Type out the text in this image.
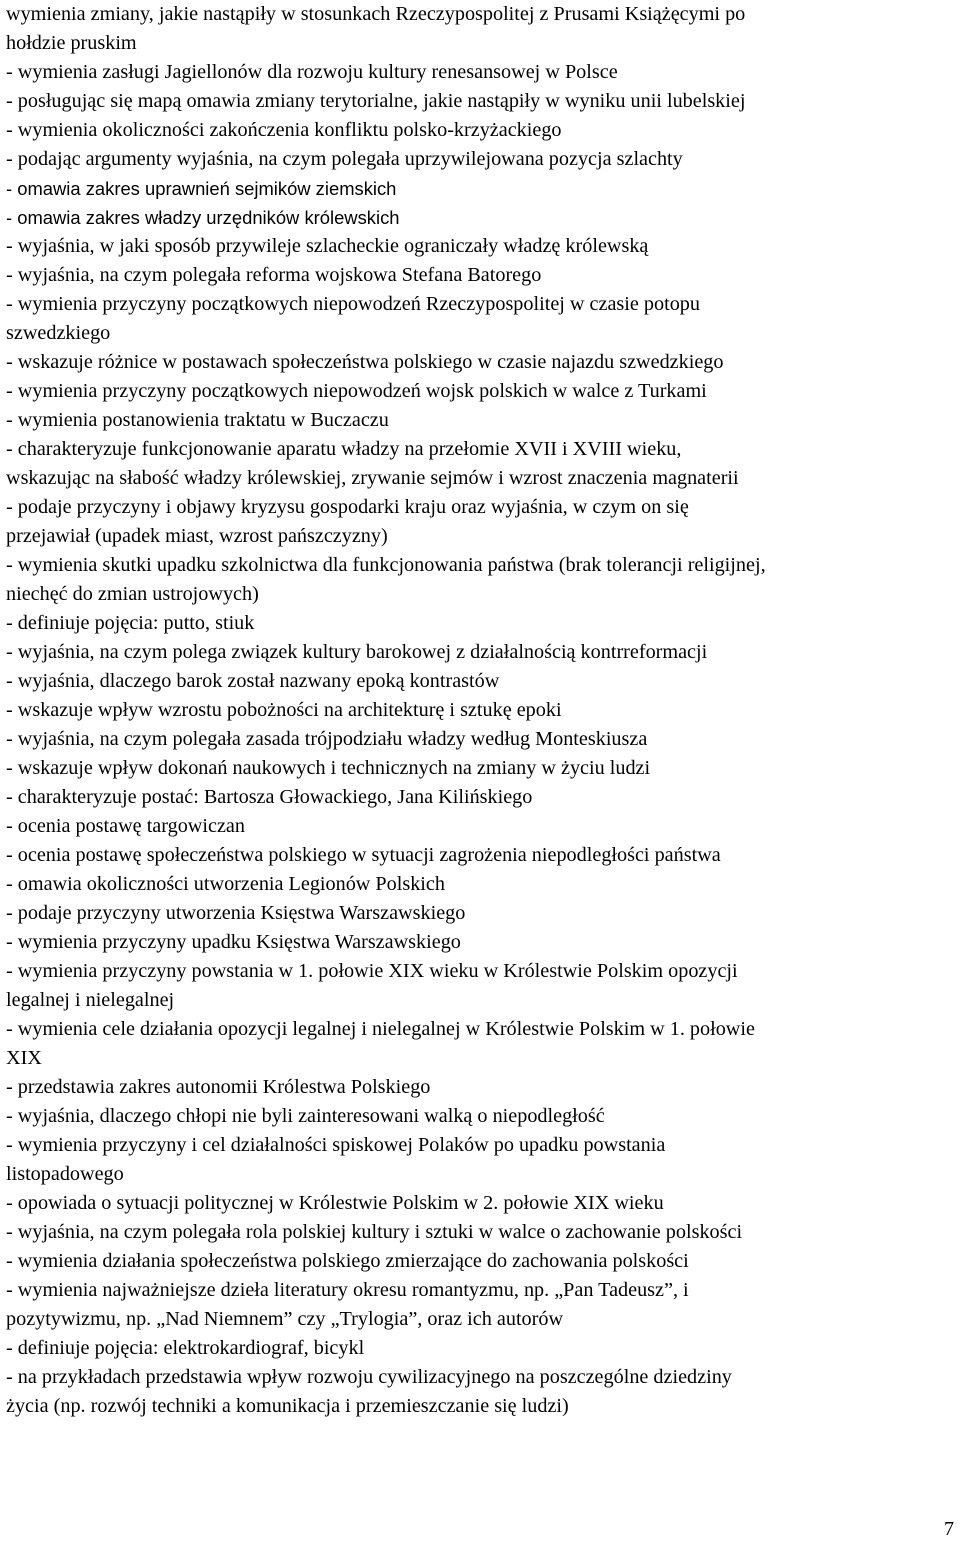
wymienia zmiany, jakie nastąpiły w stosunkach Rzeczypospolitej z Prusami Książęcymi po
hołdzie pruskim
- wymienia zasługi Jagiellonów dla rozwoju kultury renesansowej w Polsce
- posługując się mapą omawia zmiany terytorialne, jakie nastąpiły w wyniku unii lubelskiej
- wymienia okoliczności zakończenia konfliktu polsko-krzyżackiego
- podając argumenty wyjaśnia, na czym polegała uprzywilejowana pozycja szlachty
- omawia zakres uprawnień sejmików ziemskich
- omawia zakres władzy urzędników królewskich
- wyjaśnia, w jaki sposób przywileje szlacheckie ograniczały władzę królewską
- wyjaśnia, na czym polegała reforma wojskowa Stefana Batorego
- wymienia przyczyny początkowych niepowodzeń Rzeczypospolitej w czasie potopu
szwedzkiego
- wskazuje różnice w postawach społeczeństwa polskiego w czasie najazdu szwedzkiego
- wymienia przyczyny początkowych niepowodzeń wojsk polskich w walce z Turkami
- wymienia postanowienia traktatu w Buczaczu
- charakteryzuje funkcjonowanie aparatu władzy na przełomie XVII i XVIII wieku,
wskazując na słabość władzy królewskiej, zrywanie sejmów i wzrost znaczenia magnaterii
- podaje przyczyny i objawy kryzysu gospodarki kraju oraz wyjaśnia, w czym on się
przejawiał (upadek miast, wzrost pańszczyzny)
- wymienia skutki upadku szkolnictwa dla funkcjonowania państwa (brak tolerancji religijnej,
niechęć do zmian ustrojowych)
- definiuje pojęcia: putto, stiuk
- wyjaśnia, na czym polega związek kultury barokowej z działalnością kontrreformacji
- wyjaśnia, dlaczego barok został nazwany epoką kontrastów
- wskazuje wpływ wzrostu pobożności na architekturę i sztukę epoki
- wyjaśnia, na czym polegała zasada trójpodziału władzy według Monteskiusza
- wskazuje wpływ dokonań naukowych i technicznych na zmiany w życiu ludzi
- charakteryzuje postać: Bartosza Głowackiego, Jana Kilińskiego
- ocenia postawę targowiczan
- ocenia postawę społeczeństwa polskiego w sytuacji zagrożenia niepodległości państwa
- omawia okoliczności utworzenia Legionów Polskich
- podaje przyczyny utworzenia Księstwa Warszawskiego
- wymienia przyczyny upadku Księstwa Warszawskiego
- wymienia przyczyny powstania w 1. połowie XIX wieku w Królestwie Polskim opozycji
legalnej i nielegalnej
- wymienia cele działania opozycji legalnej i nielegalnej w Królestwie Polskim w 1. połowie
XIX
- przedstawia zakres autonomii Królestwa Polskiego
- wyjaśnia, dlaczego chłopi nie byli zainteresowani walką o niepodległość
- wymienia przyczyny i cel działalności spiskowej Polaków po upadku powstania
listopadowego
- opowiada o sytuacji politycznej w Królestwie Polskim w 2. połowie XIX wieku
- wyjaśnia, na czym polegała rola polskiej kultury i sztuki w walce o zachowanie polskości
- wymienia działania społeczeństwa polskiego zmierzające do zachowania polskości
- wymienia najważniejsze dzieła literatury okresu romantyzmu, np. „Pan Tadeusz”, i
pozytywizmu, np. „Nad Niemnem” czy „Trylogia”, oraz ich autorów
- definiuje pojęcia: elektrokardiograf, bicykl
- na przykładach przedstawia wpływ rozwoju cywilizacyjnego na poszczególne dziedziny
życia (np. rozwój techniki a komunikacja i przemieszczanie się ludzi)
7
